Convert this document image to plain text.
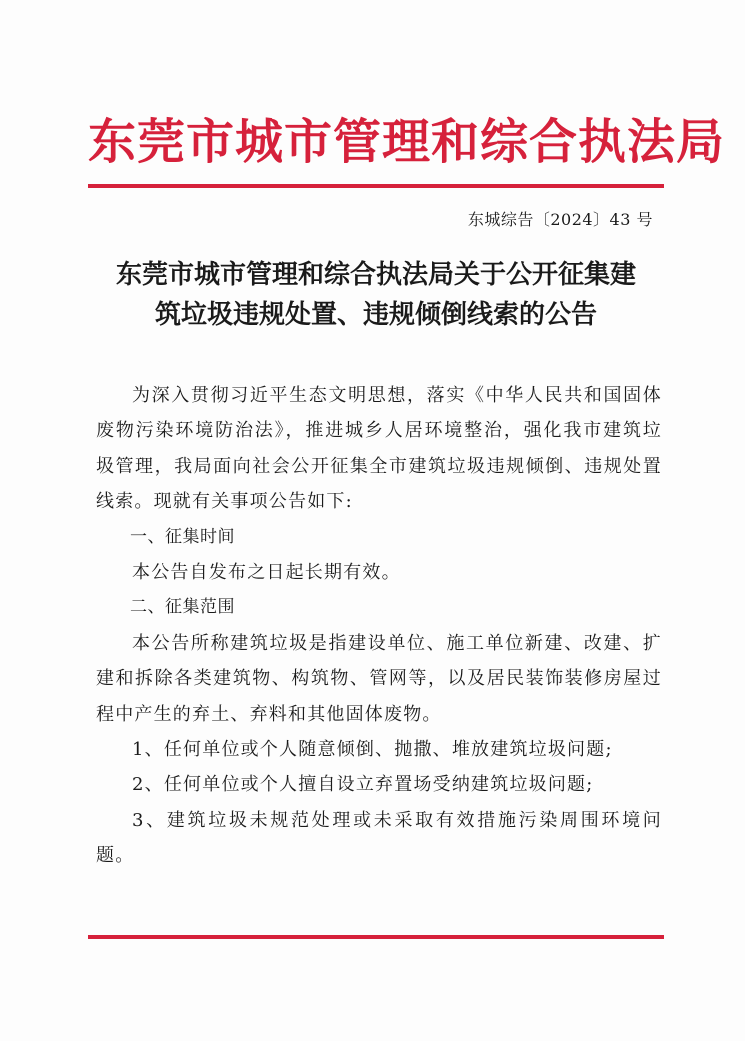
东莞市城市管理和综合执法局
东城综告〔2024〕43 号
东莞市城市管理和综合执法局关于公开征集建
筑垃圾违规处置、违规倾倒线索的公告

为深入贯彻习近平生态文明思想，落实《中华人民共和国固体废物污染环境防治法》，推进城乡人居环境整治，强化我市建筑垃圾管理，我局面向社会公开征集全市建筑垃圾违规倾倒、违规处置线索。现就有关事项公告如下:

一、征集时间

本公告自发布之日起长期有效。

二、征集范围

本公告所称建筑垃圾是指建设单位、施工单位新建、改建、扩建和拆除各类建筑物、构筑物、管网等，以及居民装饰装修房屋过程中产生的弃土、弃料和其他固体废物。

1、任何单位或个人随意倾倒、抛撒、堆放建筑垃圾问题;

2、任何单位或个人擅自设立弃置场受纳建筑垃圾问题;

3、建筑垃圾未规范处理或未采取有效措施污染周围环境问题。
